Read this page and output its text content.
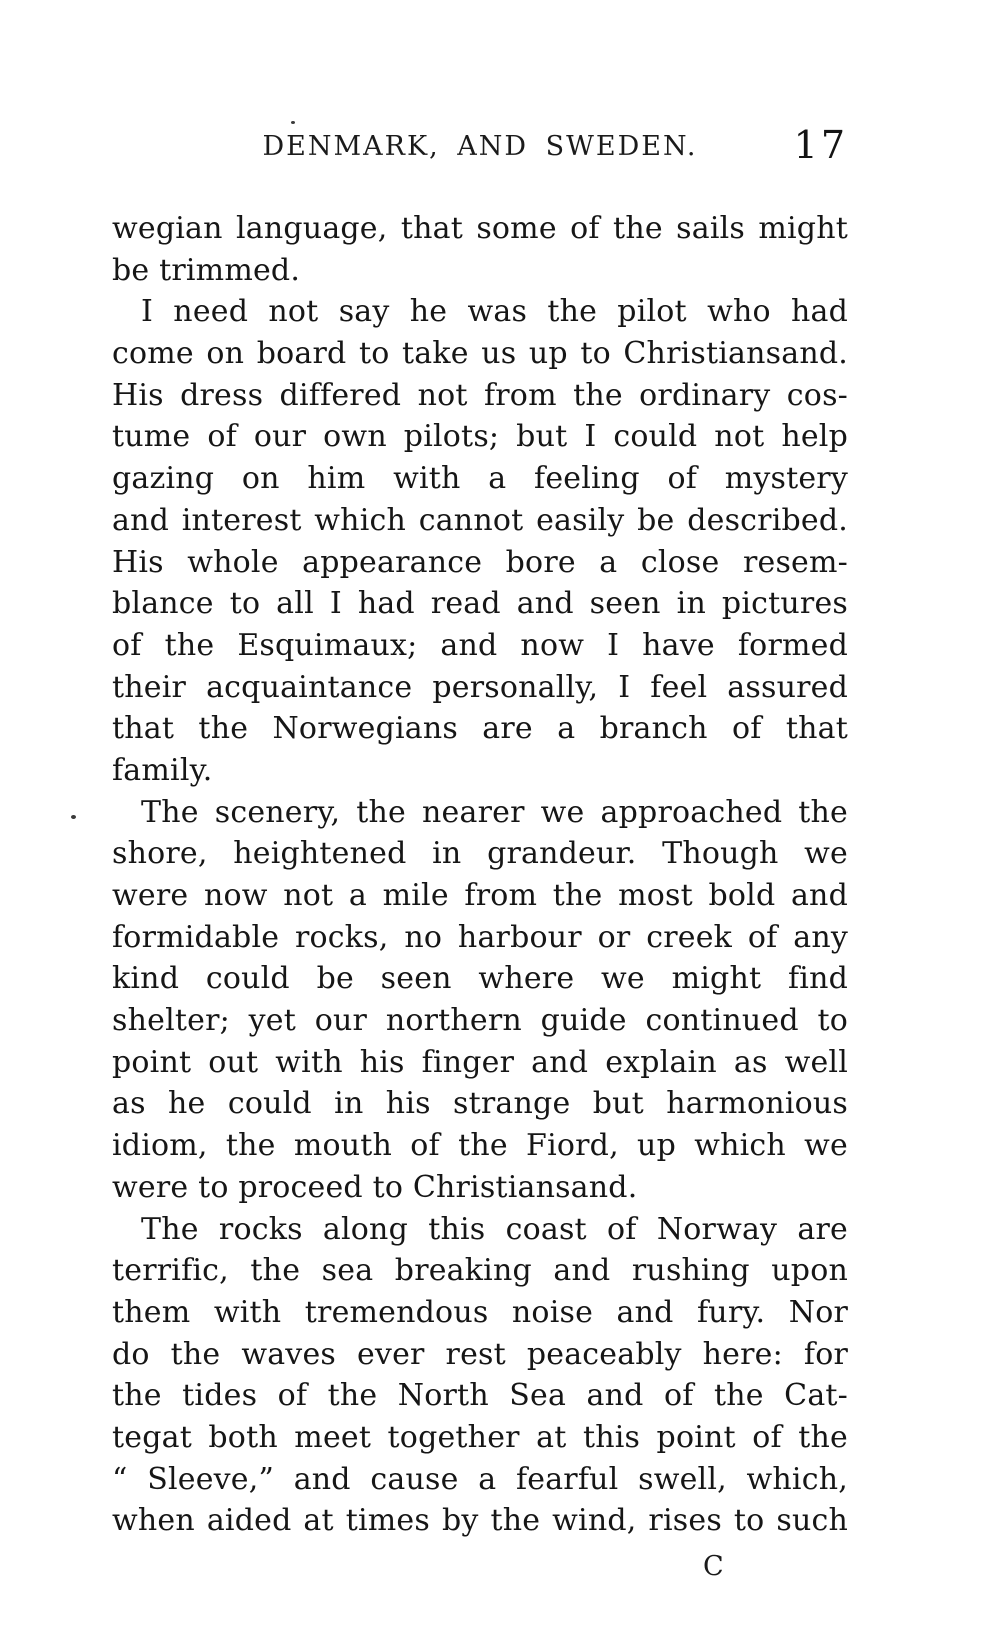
DENMARK, AND SWEDEN.	17
wegian language, that some of the sails might
be trimmed.
I need not say he was the pilot who had
come on board to take us up to Christiansand.
His dress differed not from the ordinary cos-
tume of our own pilots; but I could not help
gazing on him with a feeling of mystery
and interest which cannot easily be described.
His whole appearance bore a close resem-
blance to all I had read and seen in pictures
of the Esquimaux; and now I have formed
their acquaintance personally, I feel assured
that the Norwegians are a branch of that
family.
The scenery, the nearer we approached the
shore, heightened in grandeur. Though we
were now not a mile from the most bold and
formidable rocks, no harbour or creek of any
kind could be seen where we might find
shelter; yet our northern guide continued to
point out with his finger and explain as well
as he could in his strange but harmonious
idiom, the mouth of the Fiord, up which we
were to proceed to Christiansand.
The rocks along this coast of Norway are
terrific, the sea breaking and rushing upon
them with tremendous noise and fury. Nor
do the waves ever rest peaceably here: for
the tides of the North Sea and of the Cat-
tegat both meet together at this point of the
“ Sleeve,” and cause a fearful swell, which,
when aided at times by the wind, rises to such
C
